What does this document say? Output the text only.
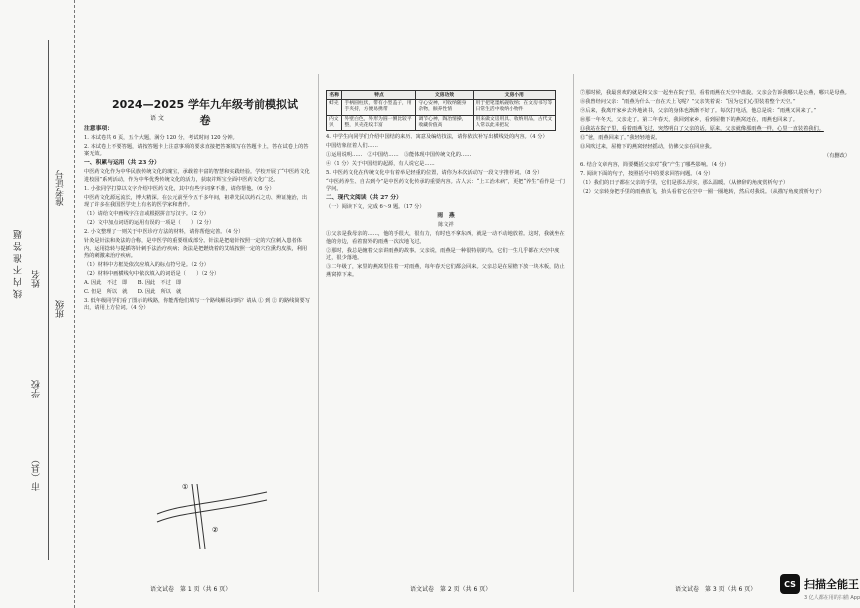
线 内 不 准 答 题
准考证号
班级
姓名
学校
市（县）
2024—2025 学年九年级考前模拟试卷
语 文

注意事项：

1. 本试卷共 6 页，五个大题，满分 120 分，考试时间 120 分钟。

2. 本试卷上不要答题，请按答题卡上注意事项的要求直接把答案填写在答题卡上，答在试卷上的答案无效。

一、积累与运用（共 23 分）

中医药文化作为中华民族传统文化的瑰宝，承载着丰富的智慧和实践经验。学校开展了“中医药文化进校园”系列活动，作为中华优秀传统文化的活力，获取并辉宝全面中医药文化广泛。

1. 小张同学打算以文字介绍中医药文化，其中有些字词拿不准，请你帮他。（6 分）

中医药文化源远流长，博大精深。在公元前至今五千多年间，祖辈先民以药石之功、辨证施治，出现了许多在我国医学史上有名的医学家和著作。

（1）请给文中画线字注音或根据拼音写汉字。（2 分）

（2）文中加点词语的运用有误的一项是（　　）（2 分）

2. 小文整理了一则关于中医诊疗方法的材料，请你帮他完善。（4 分）

针灸是针法和灸法的合称，是中医学的重要组成部分。针法是把毫针按照一定的穴位刺入患者体内，运用捻转与提插等针刺手法治疗疾病；灸法是把燃烧着的艾绒按照一定的穴位熏灼皮肤，利用热的刺激来治疗疾病。

（1）材料中方框处依次应填入的标点符号是。（2 分）

（2）材料中画横线句中依次填入的词语是（　　）（2 分）

A. 因此　不过　即　　B. 因此　不过　即

C. 但是　所以　就　　D. 因此　所以　就

3. 低年级同学们看了图示的线路，你能帮他们填写一个路线解说词吗？请从 ① 到 ② 的路线简要写出，请用上方位词。（4 分）

①
②
语文试卷　第 1 页（共 6 页）
名称	特点	文房功效	文房小用
蚌壳	手柄圆柱状，带有小型盖子，用手夹持，方便易携带	守心安神，可收纳随身杂物，颐养性情	用于把笔墨纸砚收纳；在文房书写等日常生活中收纳小物件
内文贝	外壁白色，外形为圆一侧比较平整，贝壳花纹丰富	调节心神，陶冶情操，收藏价值高	用来做文房用具、收纳用品，古代文人常以此来把玩

4. 中学生向同学们介绍中国结的来历、寓意及编结技法，请你依次补写出横线处的内容。（4 分）

中国结象征着人们……

①运用说明……　②中国结……　③能体现中国传统文化的……

④（1 分）关于中国结的起源，有人说它是……

5. 中医药文化在传统文化中有着举足轻重的位置，请你为本次活动写一段文字推荐词。（8 分）

“中医药养生、自古到今”是中医药文化传承的重要内容。古人云：“上工治未病”，更把“养生”看作是一门学问。

二、现代文阅读（共 27 分）

（一）阅读下文，完成 6～9 题。（17 分）

雨　燕

陈文祥

①父亲是我母亲的……，他的手很大，很有力，有时也不拿东西，就是一动不动地放着。这时，我就坐在他的旁边，看着窗外的雨燕一次次地飞过。

②那时，我总是缠着父亲讲雨燕的故事。父亲说，雨燕是一种很特别的鸟，它们一生几乎都在天空中度过，很少落地。

③二年级了，家里的燕窝里住着一对雨燕，每年春天它们都会回来。父亲总是在屋檐下放一块木板，防止燕窝掉下来。

语文试卷　第 2 页（共 6 页）

⑦那时候，我最喜欢的就是和父亲一起坐在院子里，看着雨燕在天空中盘旋。父亲会告诉我哪只是公燕，哪只是母燕。

⑧我曾经问父亲：“雨燕为什么一直在天上飞呢？”父亲笑着说：“因为它们心里装着整个天空。”

⑨后来，我离开家乡去外地读书，父亲的身体也渐渐不好了。每次打电话，他总是说：“雨燕又回来了。”

⑩那一年冬天，父亲走了。第二年春天，我回到家乡，看到屋檐下的燕窝还在，雨燕也回来了。

⑪我站在院子里，看着雨燕飞过，突然明白了父亲的话。原来，父亲就像那雨燕一样，心里一直装着我们。

⑫“爸，雨燕回来了。”我轻轻地说。

⑬风吹过来，屋檐下的燕窝轻轻摇动，仿佛父亲在回应我。

（有删改）

6. 结合文章内容，简要概括父亲对“我”产生了哪些影响。（4 分）

7. 阅读下面的句子，按照括号中的要求回答问题。（4 分）

（1）我们的日子都在父亲的手里，它们是那么厚实，那么温暖。（从修辞的角度赏析句子）

（2）父亲转身把手里的雨燕放飞，抬头看着它在空中一圈一圈地转，然后对我说。（从描写角度赏析句子）

语文试卷　第 3 页（共 6 页）
CS 扫描全能王
3 亿人都在用的扫描 App
